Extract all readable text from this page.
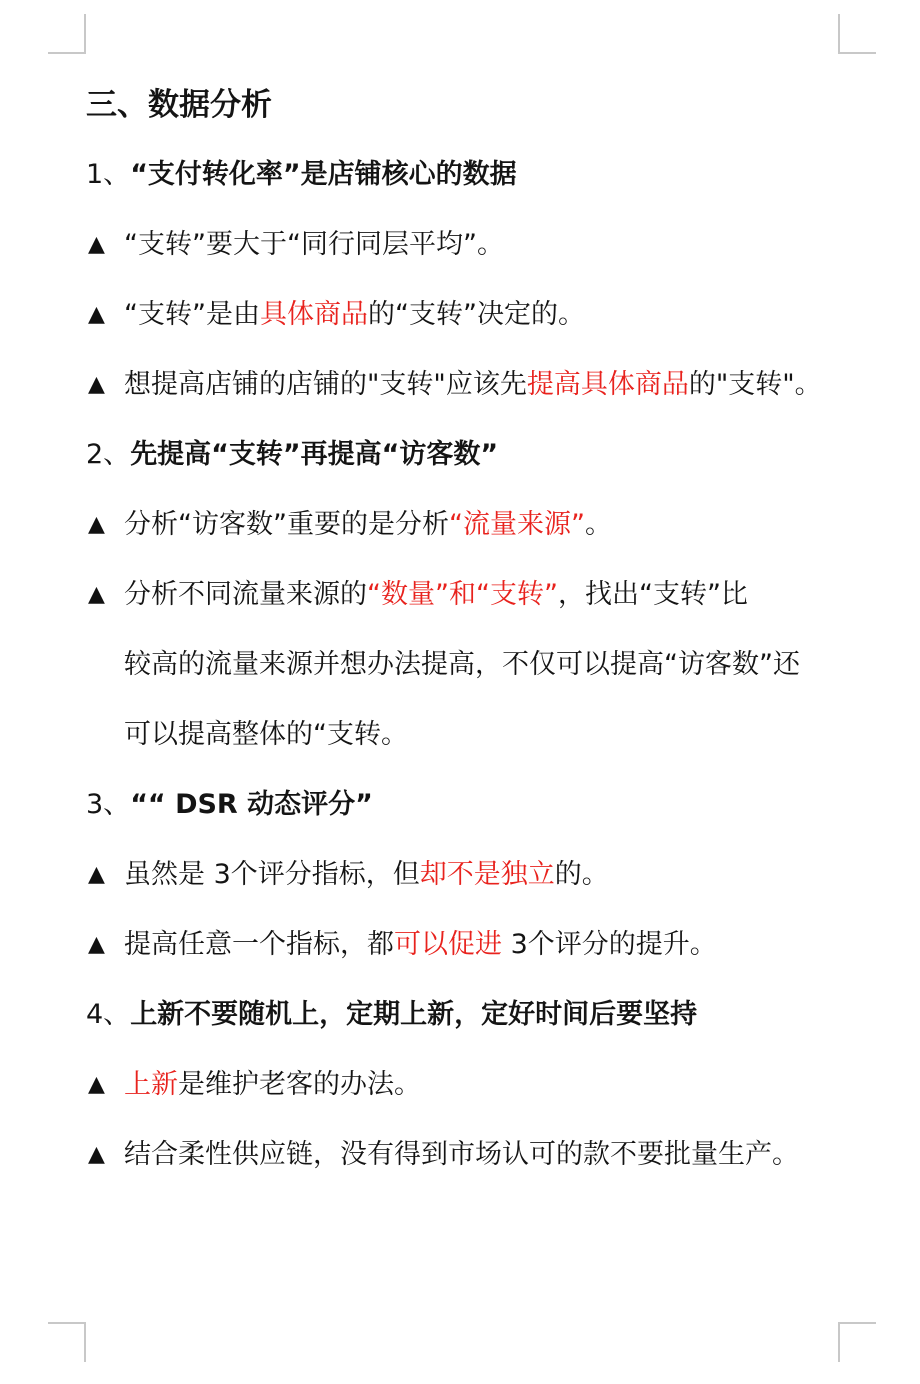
三、数据分析
1、“支付转化率”是店铺核心的数据
▲ “支转”要大于“同行同层平均”。
▲ “支转”是由具体商品的“支转”决定的。
▲ 想提高店铺的店铺的"支转"应该先提高具体商品的"支转"。
2、先提高“支转”再提高“访客数”
▲ 分析“访客数”重要的是分析“流量来源”。
▲ 分析不同流量来源的“数量”和“支转”，找出“支转”比
较高的流量来源并想办法提高，不仅可以提高“访客数”还
可以提高整体的“支转。
3、““ DSR 动态评分”
▲ 虽然是 3个评分指标，但却不是独立的。
▲ 提高任意一个指标，都可以促进 3个评分的提升。
4、上新不要随机上，定期上新，定好时间后要坚持
▲ 上新是维护老客的办法。
▲ 结合柔性供应链，没有得到市场认可的款不要批量生产。
